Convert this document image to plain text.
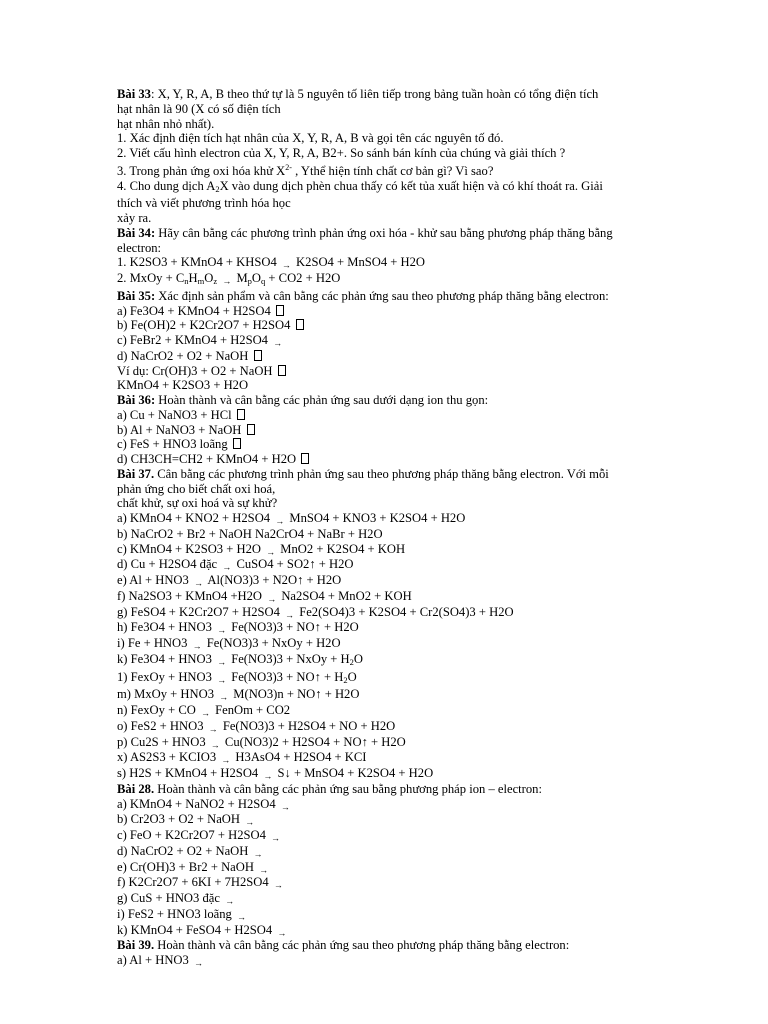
Bài 33: X, Y, R, A, B theo thứ tự là 5 nguyên tố liên tiếp trong bảng tuần hoàn có tổng điện tích
hạt nhân là 90 (X có số điện tích
hạt nhân nhỏ nhất).
1. Xác định điện tích hạt nhân của X, Y, R, A, B và gọi tên các nguyên tố đó.
2. Viết cấu hình electron của X, Y, R, A, B2+. So sánh bán kính của chúng và giải thích ?
3. Trong phản ứng oxi hóa khử $X^{2-}$ , Ythể hiện tính chất cơ bản gì? Vì sao?
4. Cho dung dịch $A_2X$ vào dung dịch phèn chua thấy có kết tủa xuất hiện và có khí thoát ra. Giải
thích và viết phương trình hóa học
xảy ra.
Bài 34: Hãy cân bằng các phương trình phản ứng oxi hóa - khử sau bằng phương pháp thăng bằng
electron:
1. K2SO3 + KMnO4 + KHSO4 → K2SO4 + MnSO4 + H2O
2. MxOy + $C_nH_mO_z \to M_pO_q + CO2 + H2O$
Bài 35: Xác định sản phẩm và cân bằng các phản ứng sau theo phương pháp thăng bằng electron:
a) Fe3O4 + KMnO4 + H2SO4
b) Fe(OH)2 + K2Cr2O7 + H2SO4
c) FeBr2 + KMnO4 + H2SO4 →
d) NaCrO2 + O2 + NaOH
Ví dụ: Cr(OH)3 + O2 + NaOH
KMnO4 + K2SO3 + H2O
Bài 36: Hoàn thành và cân bằng các phản ứng sau dưới dạng ion thu gọn:
a) Cu + NaNO3 + HCl
b) Al + NaNO3 + NaOH
c) FeS + HNO3 loãng
d) CH3CH=CH2 + KMnO4 + H2O
Bài 37. Cân bằng các phương trình phản ứng sau theo phương pháp thăng bằng electron. Với mỗi
phản ứng cho biết chất oxi hoá,
chất khử, sự oxi hoá và sự khử?
a) KMnO4 + KNO2 + H2SO4 → MnSO4 + KNO3 + K2SO4 + H2O
b) NaCrO2 + Br2 + NaOH Na2CrO4 + NaBr + H2O
c) KMnO4 + K2SO3 + H2O → MnO2 + K2SO4 + KOH
d) Cu + H2SO4 đặc → CuSO4 + SO2↑ + H2O
e) Al + HNO3 → Al(NO3)3 + N2O↑ + H2O
f) Na2SO3 + KMnO4 +H2O → Na2SO4 + MnO2 + KOH
g) FeSO4 + K2Cr2O7 + H2SO4 → Fe2(SO4)3 + K2SO4 + Cr2(SO4)3 + H2O
h) Fe3O4 + HNO3 → Fe(NO3)3 + NO↑ + H2O
i) Fe + HNO3 → Fe(NO3)3 + NxOy + H2O
k) Fe3O4 + HNO3 → Fe(NO3)3 + NxOy + $H_2O$
1) FexOy + HNO3 → Fe(NO3)3 + NO↑ + $H_2O$
m) MxOy + HNO3 → M(NO3)n + NO↑ + H2O
n) FexOy + CO → FenOm + CO2
o) FeS2 + HNO3 → Fe(NO3)3 + H2SO4 + NO + H2O
p) Cu2S + HNO3 → Cu(NO3)2 + H2SO4 + NO↑ + H2O
x) AS2S3 + KCIO3 → H3AsO4 + H2SO4 + KCI
s) H2S + KMnO4 + H2SO4 → S↓ + MnSO4 + K2SO4 + H2O
Bài 28. Hoàn thành và cân bằng các phản ứng sau bằng phương pháp ion – electron:
a) KMnO4 + NaNO2 + H2SO4 →
b) Cr2O3 + O2 + NaOH →
c) FeO + K2Cr2O7 + H2SO4 →
d) NaCrO2 + O2 + NaOH →
e) Cr(OH)3 + Br2 + NaOH →
f) K2Cr2O7 + 6KI + 7H2SO4 →
g) CuS + HNO3 đặc →
i) FeS2 + HNO3 loãng →
k) KMnO4 + FeSO4 + H2SO4 →
Bài 39. Hoàn thành và cân bằng các phản ứng sau theo phương pháp thăng bằng electron:
a) Al + HNO3 →
